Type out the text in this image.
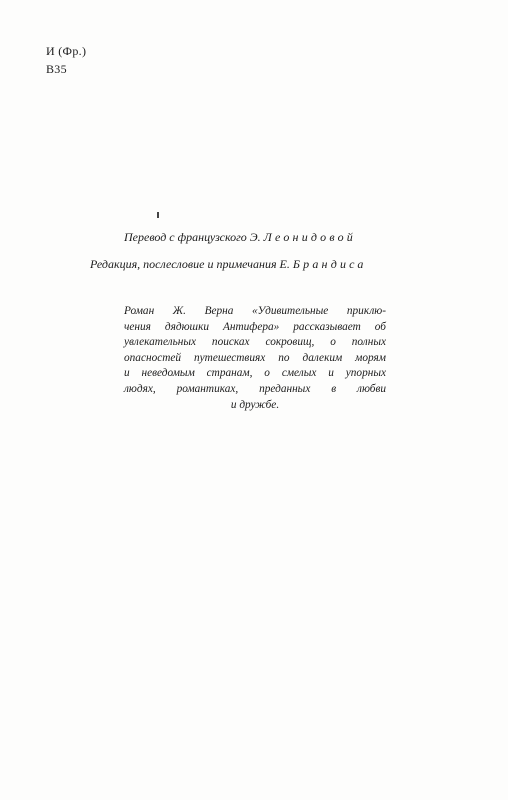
И (Фр.)
В35
Перевод с французского Э. Леонидовой
Редакция, послесловие и примечания Е. Брандиса
Роман Ж. Верна «Удивительные приклю-
чения дядюшки Антифера» рассказывает об
увлекательных поисках сокровищ, о полных
опасностей путешествиях по далеким морям
и неведомым странам, о смелых и упорных
людях, романтиках, преданных в любви
и дружбе.
